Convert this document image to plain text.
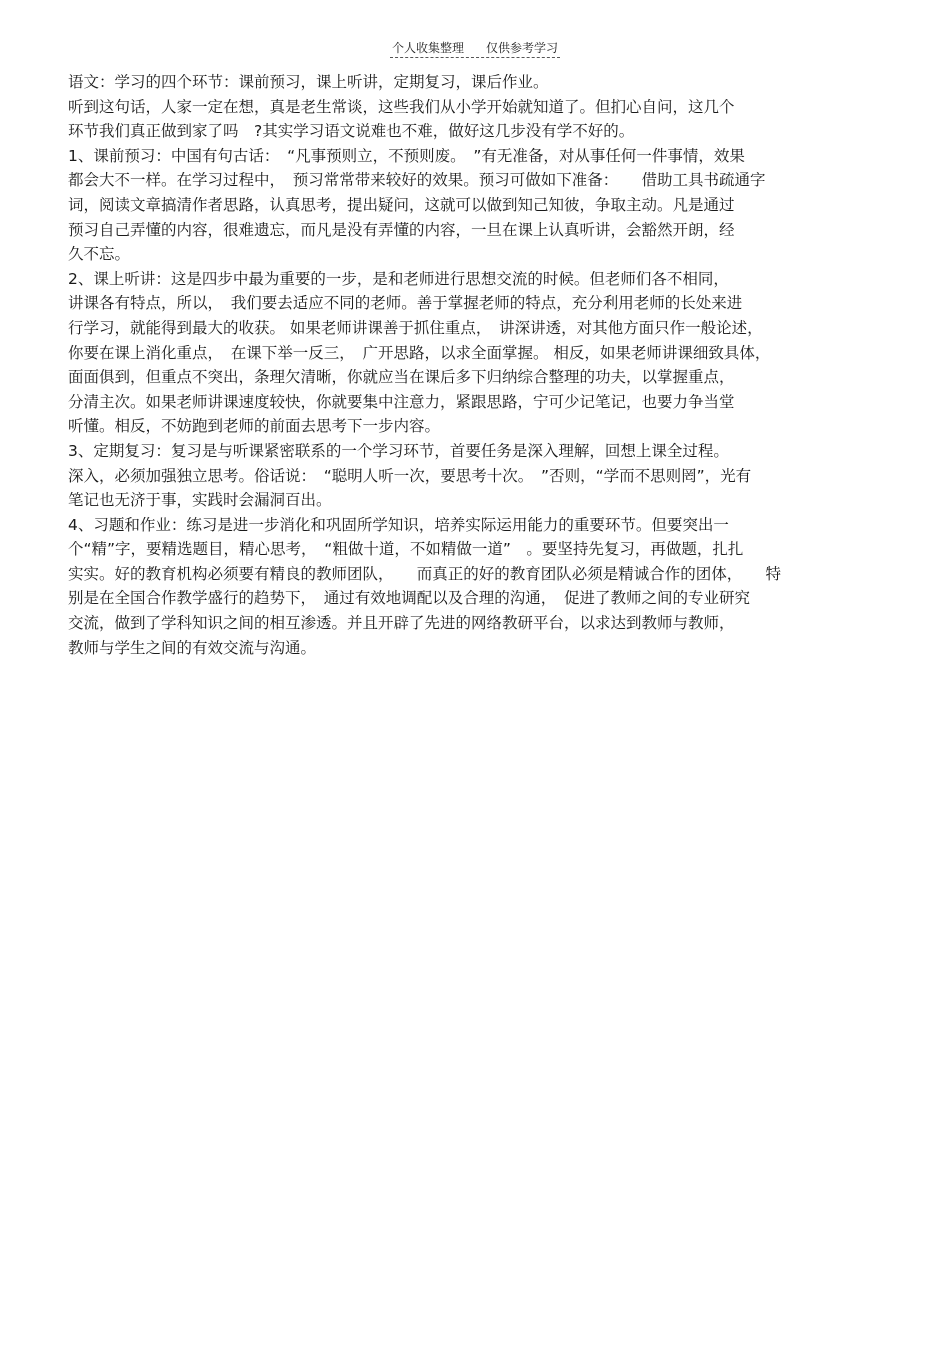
个人收集整理 仅供参考学习
语文：学习的四个环节：课前预习，课上听讲，定期复习，课后作业。
听到这句话，人家一定在想，真是老生常谈，这些我们从小学开始就知道了。但扪心自问，这几个
环节我们真正做到家了吗　?其实学习语文说难也不难，做好这几步没有学不好的。
1、课前预习：中国有句古话：　“凡事预则立，不预则废。　”有无准备，对从事任何一件事情，效果
都会大不一样。在学习过程中，　预习常常带来较好的效果。预习可做如下准备：　　借助工具书疏通字
词，阅读文章搞清作者思路，认真思考，提出疑问，这就可以做到知己知彼，争取主动。凡是通过
预习自己弄懂的内容，很难遗忘，而凡是没有弄懂的内容，一旦在课上认真听讲，会豁然开朗，经
久不忘。
2、课上听讲：这是四步中最为重要的一步，是和老师进行思想交流的时候。但老师们各不相同，
讲课各有特点，所以，　我们要去适应不同的老师。善于掌握老师的特点，充分利用老师的长处来进
行学习，就能得到最大的收获。 如果老师讲课善于抓住重点，　讲深讲透，对其他方面只作一般论述，
你要在课上消化重点，　在课下举一反三，　广开思路，以求全面掌握。 相反，如果老师讲课细致具体，
面面俱到，但重点不突出，条理欠清晰，你就应当在课后多下归纳综合整理的功夫，以掌握重点，
分清主次。如果老师讲课速度较快，你就要集中注意力，紧跟思路，宁可少记笔记，也要力争当堂
听懂。相反，不妨跑到老师的前面去思考下一步内容。
3、定期复习：复习是与听课紧密联系的一个学习环节，首要任务是深入理解，回想上课全过程。
深入，必须加强独立思考。俗话说：　“聪明人听一次，要思考十次。　”否则，“学而不思则罔”，光有
笔记也无济于事，实践时会漏洞百出。
4、习题和作业：练习是进一步消化和巩固所学知识，培养实际运用能力的重要环节。但要突出一
个“精”字，要精选题目，精心思考，　“粗做十道，不如精做一道”　。要坚持先复习，再做题，扎扎
实实。好的教育机构必须要有精良的教师团队，　　而真正的好的教育团队必须是精诚合作的团体，　　特
别是在全国合作教学盛行的趋势下，　通过有效地调配以及合理的沟通，　促进了教师之间的专业研究
交流，做到了学科知识之间的相互渗透。并且开辟了先进的网络教研平台，以求达到教师与教师，
教师与学生之间的有效交流与沟通。
